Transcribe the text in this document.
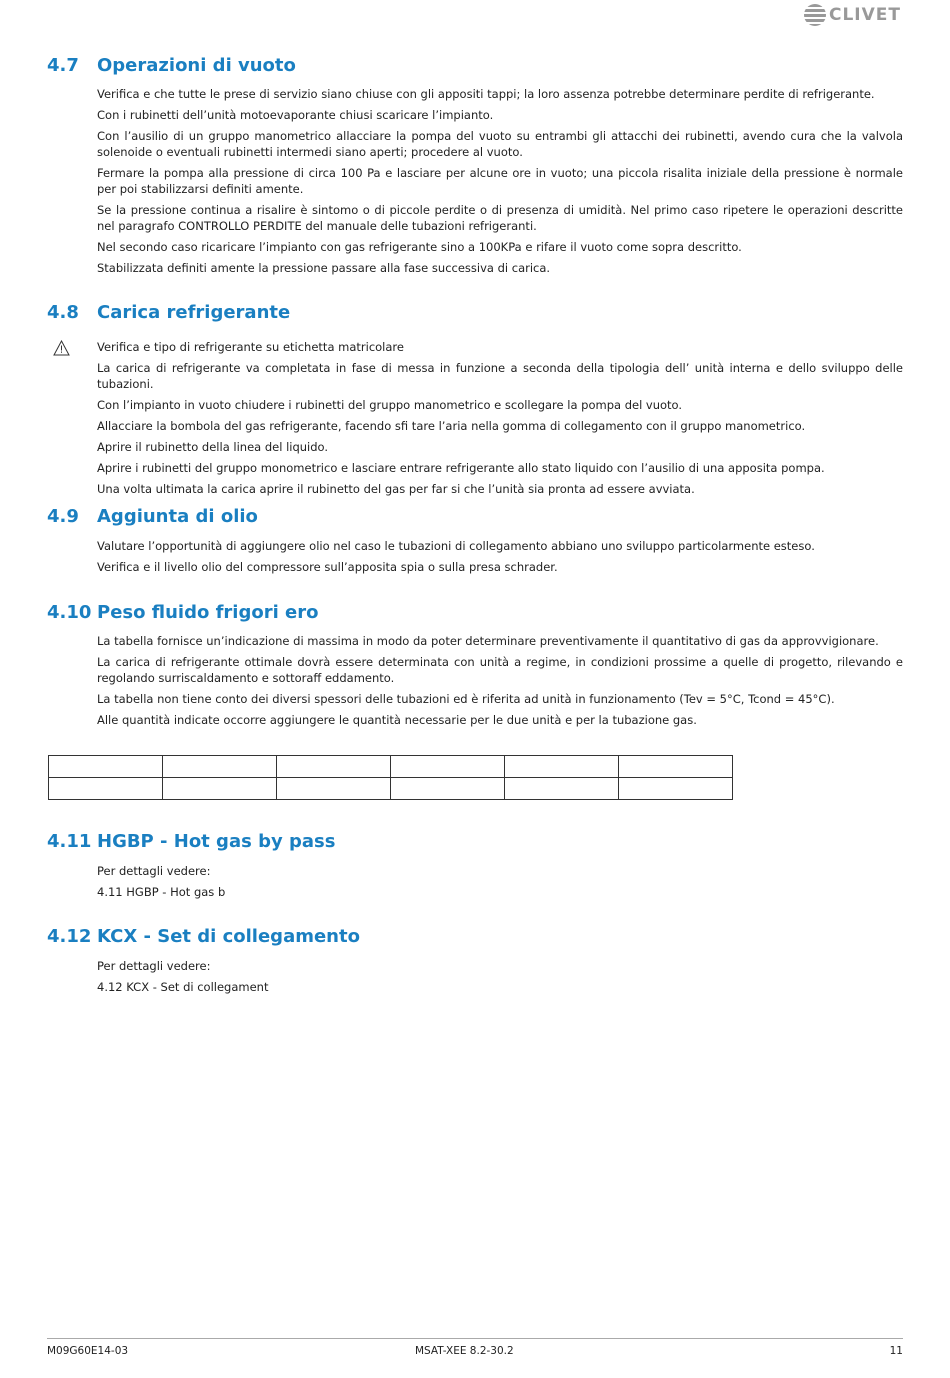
CLIVET
4.7 Operazioni di vuoto

Verifica e che tutte le prese di servizio siano chiuse con gli appositi tappi; la loro assenza potrebbe determinare perdite di refrigerante.

Con i rubinetti dell’unità motoevaporante chiusi scaricare l’impianto.

Con l’ausilio di un gruppo manometrico allacciare la pompa del vuoto su entrambi gli attacchi dei rubinetti, avendo cura che la valvola solenoide o eventuali rubinetti intermedi siano aperti; procedere al vuoto.

Fermare la pompa alla pressione di circa 100 Pa e lasciare per alcune ore in vuoto; una piccola risalita iniziale della pressione è normale per poi stabilizzarsi definiti amente.

Se la pressione continua a risalire è sintomo o di piccole perdite o di presenza di umidità. Nel primo caso ripetere le operazioni descritte nel paragrafo CONTROLLO PERDITE del manuale delle tubazioni refrigeranti.

Nel secondo caso ricaricare l’impianto con gas refrigerante sino a 100KPa e rifare il vuoto come sopra descritto.

Stabilizzata definiti amente la pressione passare alla fase successiva di carica.

4.8 Carica refrigerante

Verifica e tipo di refrigerante su etichetta matricolare

La carica di refrigerante va completata in fase di messa in funzione a seconda della tipologia dell’ unità interna e dello sviluppo delle tubazioni.

Con l’impianto in vuoto chiudere i rubinetti del gruppo manometrico e scollegare la pompa del vuoto.

Allacciare la bombola del gas refrigerante, facendo sfi tare l’aria nella gomma di collegamento con il gruppo manometrico.

Aprire il rubinetto della linea del liquido.

Aprire i rubinetti del gruppo monometrico e lasciare entrare refrigerante allo stato liquido con l’ausilio di una apposita pompa.

Una volta ultimata la carica aprire il rubinetto del gas per far si che l’unità sia pronta ad essere avviata.

4.9 Aggiunta di olio

Valutare l’opportunità di aggiungere olio nel caso le tubazioni di collegamento abbiano uno sviluppo particolarmente esteso.

Verifica e il livello olio del compressore sull’apposita spia o sulla presa schrader.

4.10 Peso fluido frigori ero

La tabella fornisce un’indicazione di massima in modo da poter determinare preventivamente il quantitativo di gas da approvvigionare.

La carica di refrigerante ottimale dovrà essere determinata con unità a regime, in condizioni prossime a quelle di progetto, rilevando e regolando surriscaldamento e sottoraff eddamento.

La tabella non tiene conto dei diversi spessori delle tubazioni ed è riferita ad unità in funzionamento (Tev = 5°C, Tcond = 45°C).

Alle quantità indicate occorre aggiungere le quantità necessarie per le due unità e per la tubazione gas.

4.11 HGBP - Hot gas by pass

Per dettagli vedere:

4.11 HGBP - Hot gas b

4.12 KCX - Set di collegamento

Per dettagli vedere:

4.12 KCX - Set di collegament

M09G60E14-03	MSAT-XEE 8.2-30.2	11
